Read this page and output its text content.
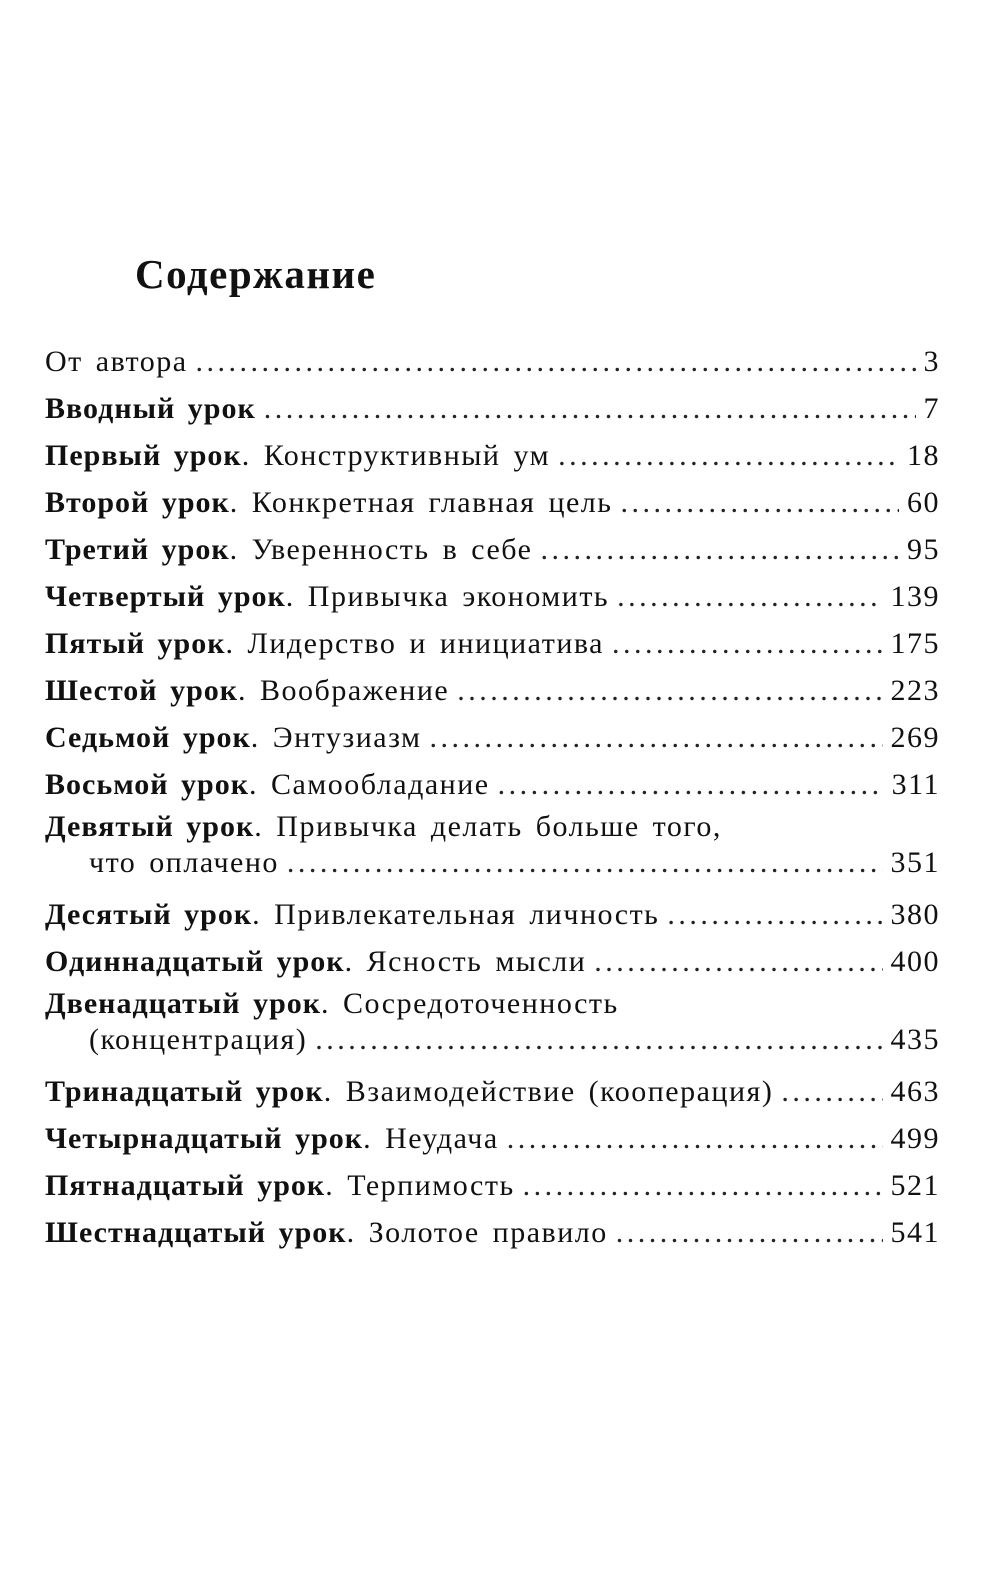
Содержание
От автора .....	3
Вводный урок .....	7
Первый урок. Конструктивный ум .....	18
Второй урок. Конкретная главная цель .....	60
Третий урок. Уверенность в себе .....	95
Четвертый урок. Привычка экономить .....	139
Пятый урок. Лидерство и инициатива .....	175
Шестой урок. Воображение .....	223
Седьмой урок. Энтузиазм .....	269
Восьмой урок. Самообладание .....	311
Девятый урок. Привычка делать больше того,
что оплачено .....	351
Десятый урок. Привлекательная личность .....	380
Одиннадцатый урок. Ясность мысли .....	400
Двенадцатый урок. Сосредоточенность
(концентрация) .....	435
Тринадцатый урок. Взаимодействие (кооперация) .....	463
Четырнадцатый урок. Неудача .....	499
Пятнадцатый урок. Терпимость .....	521
Шестнадцатый урок. Золотое правило .....	541
